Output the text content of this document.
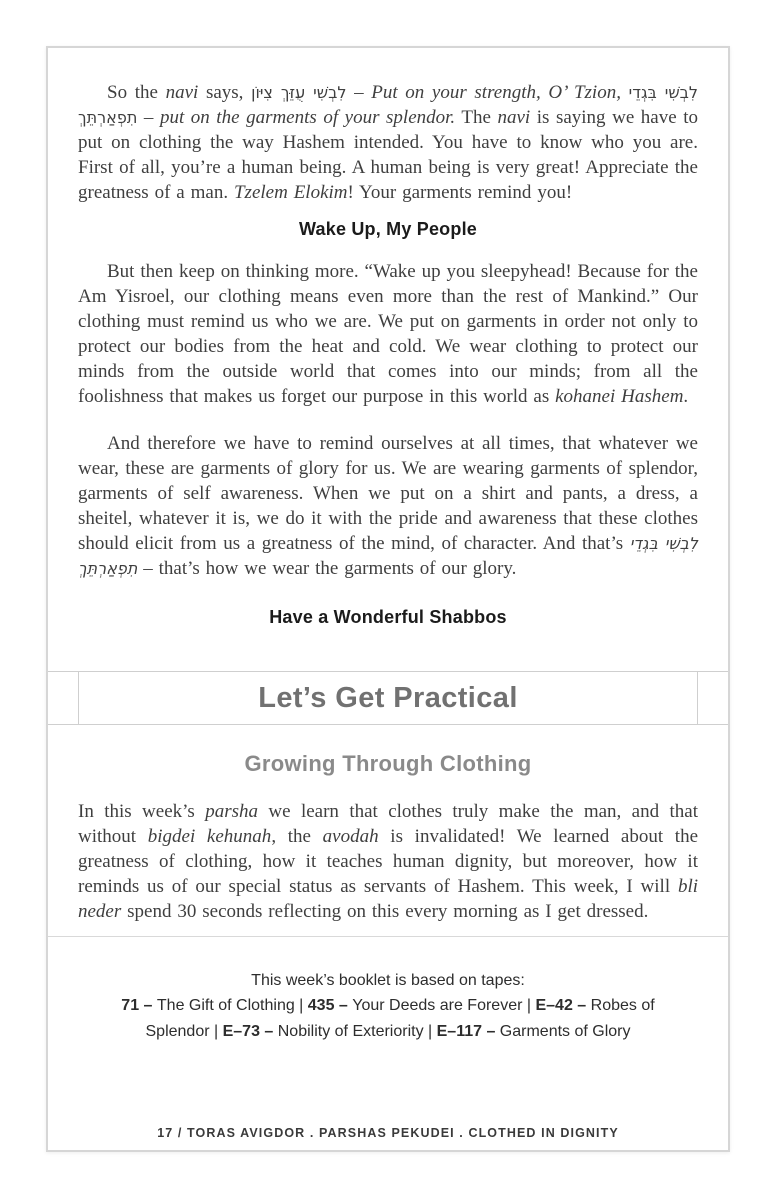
So the navi says, לִבְשִׁי עֻזֵּךְ צִיּוֹן – Put on your strength, O’ Tzion, לִבְשִׁי בִּגְדֵי תִפְאַרְתֵּךְ – put on the garments of your splendor. The navi is saying we have to put on clothing the way Hashem intended. You have to know who you are. First of all, you’re a human being. A human being is very great! Appreciate the greatness of a man. Tzelem Elokim! Your garments remind you!

Wake Up, My People

But then keep on thinking more. “Wake up you sleepyhead! Because for the Am Yisroel, our clothing means even more than the rest of Mankind.” Our clothing must remind us who we are. We put on garments in order not only to protect our bodies from the heat and cold. We wear clothing to protect our minds from the outside world that comes into our minds; from all the foolishness that makes us forget our purpose in this world as kohanei Hashem.

And therefore we have to remind ourselves at all times, that whatever we wear, these are garments of glory for us. We are wearing garments of splendor, garments of self awareness. When we put on a shirt and pants, a dress, a sheitel, whatever it is, we do it with the pride and awareness that these clothes should elicit from us a greatness of the mind, of character. And that’s לִבְשִׁי בִּגְדֵי תִפְאַרְתֵּךְ – that’s how we wear the garments of our glory.

Have a Wonderful Shabbos
Let’s Get Practical
Growing Through Clothing

In this week’s parsha we learn that clothes truly make the man, and that without bigdei kehunah, the avodah is invalidated! We learned about the greatness of clothing, how it teaches human dignity, but moreover, how it reminds us of our special status as servants of Hashem. This week, I will bli neder spend 30 seconds reflecting on this every morning as I get dressed.

This week’s booklet is based on tapes:

71 – The Gift of Clothing | 435 – Your Deeds are Forever | E–42 – Robes of Splendor | E–73 – Nobility of Exteriority | E–117 – Garments of Glory

17 / TORAS AVIGDOR . PARSHAS PEKUDEI . CLOTHED IN DIGNITY
